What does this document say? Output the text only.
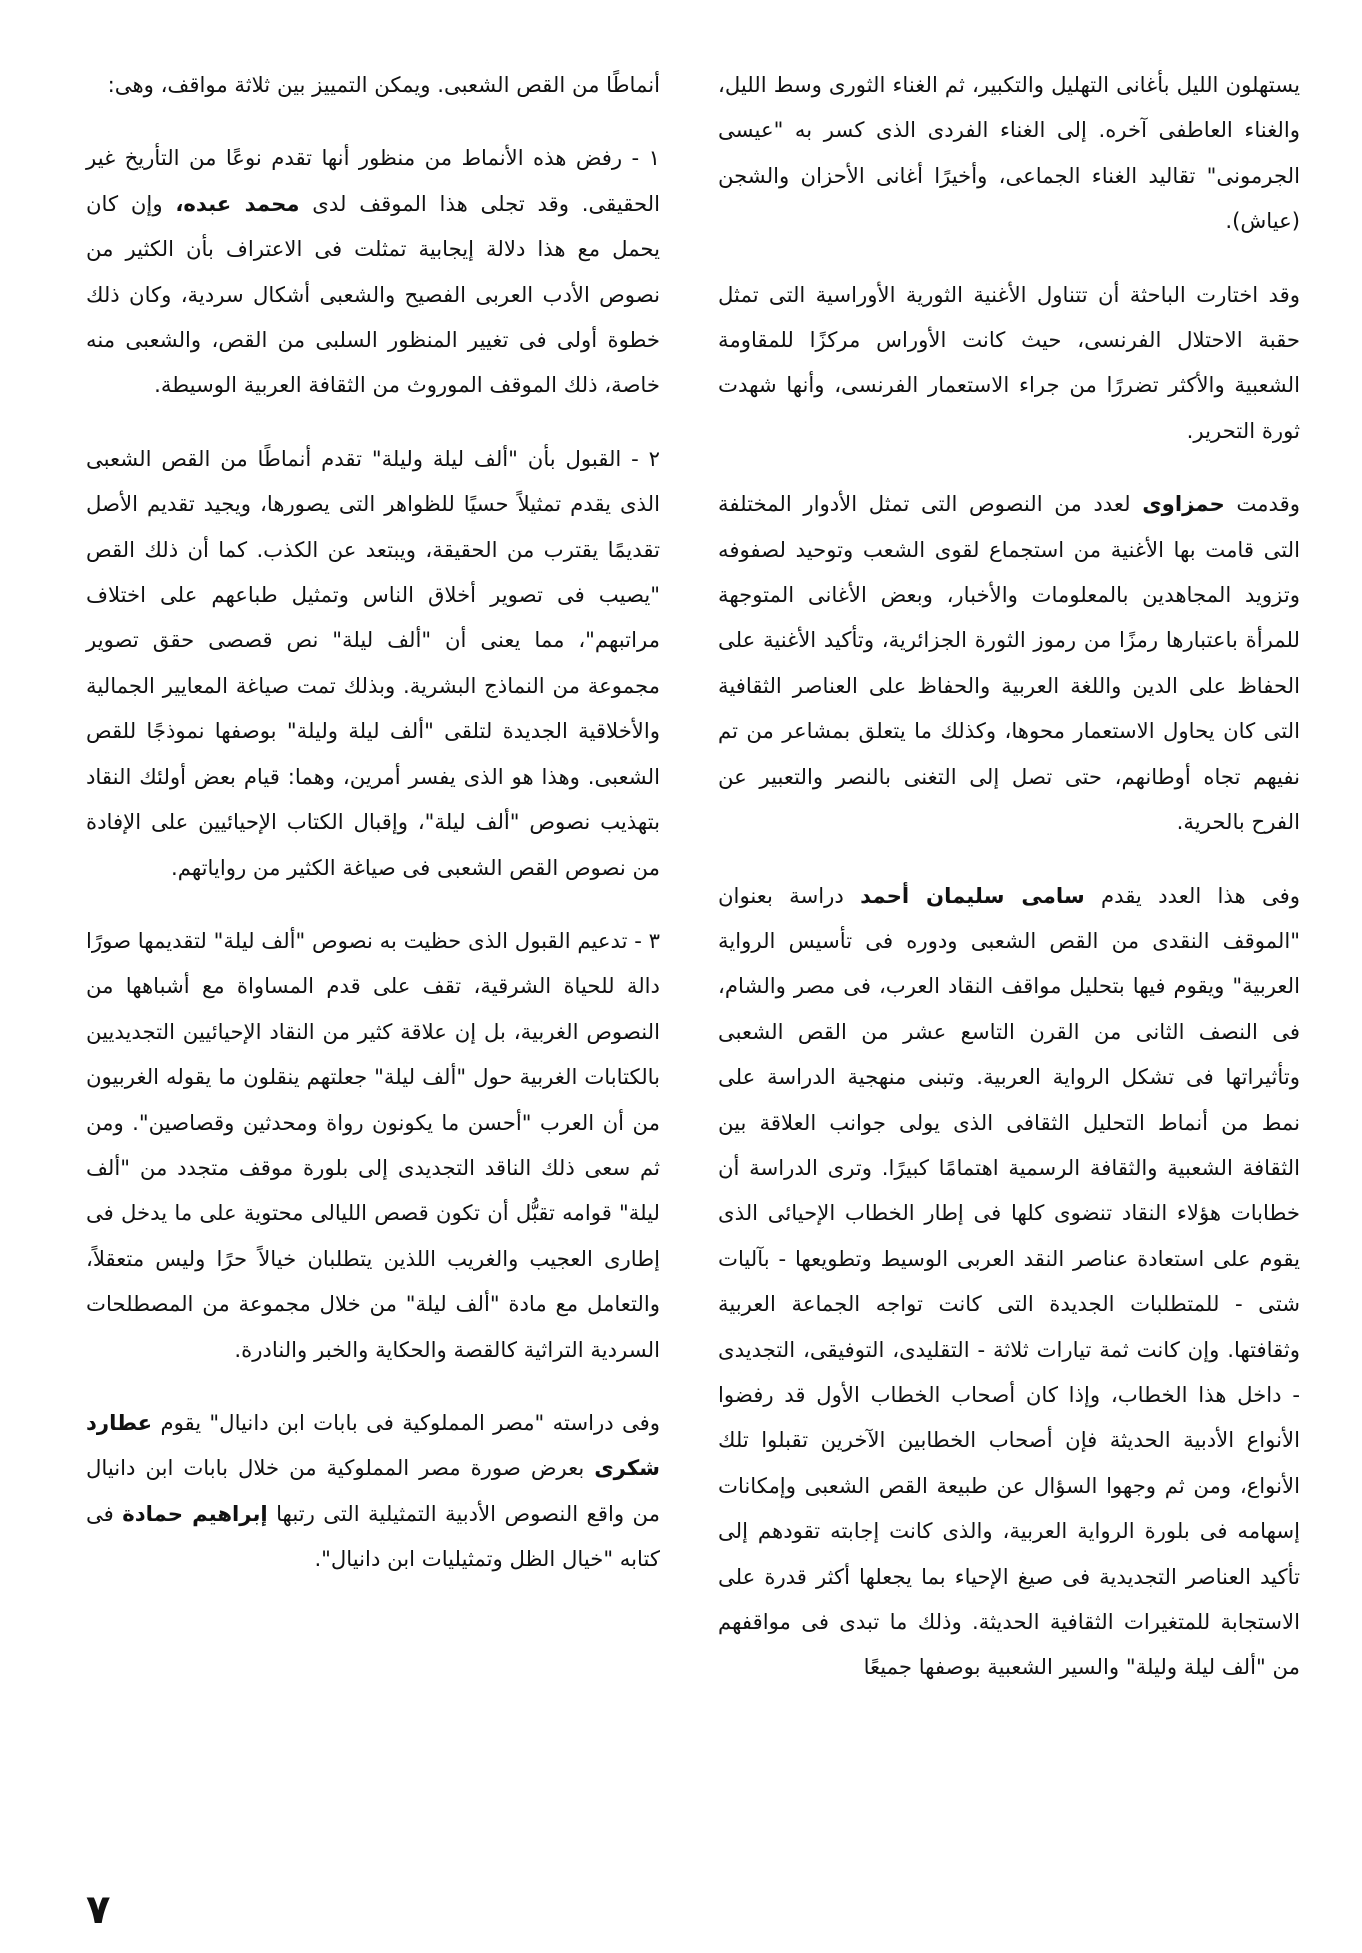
يستهلون الليل بأغانى التهليل والتكبير، ثم الغناء الثورى وسط الليل، والغناء العاطفى آخره. إلى الغناء الفردى الذى كسر به "عيسى الجرمونى" تقاليد الغناء الجماعى، وأخيرًا أغانى الأحزان والشجن (عياش).

وقد اختارت الباحثة أن تتناول الأغنية الثورية الأوراسية التى تمثل حقبة الاحتلال الفرنسى، حيث كانت الأوراس مركزًا للمقاومة الشعبية والأكثر تضررًا من جراء الاستعمار الفرنسى، وأنها شهدت ثورة التحرير.

وقدمت حمزاوى لعدد من النصوص التى تمثل الأدوار المختلفة التى قامت بها الأغنية من استجماع لقوى الشعب وتوحيد لصفوفه وتزويد المجاهدين بالمعلومات والأخبار، وبعض الأغانى المتوجهة للمرأة باعتبارها رمزًا من رموز الثورة الجزائرية، وتأكيد الأغنية على الحفاظ على الدين واللغة العربية والحفاظ على العناصر الثقافية التى كان يحاول الاستعمار محوها، وكذلك ما يتعلق بمشاعر من تم نفيهم تجاه أوطانهم، حتى تصل إلى التغنى بالنصر والتعبير عن الفرح بالحرية.

وفى هذا العدد يقدم سامى سليمان أحمد دراسة بعنوان "الموقف النقدى من القص الشعبى ودوره فى تأسيس الرواية العربية" ويقوم فيها بتحليل مواقف النقاد العرب، فى مصر والشام، فى النصف الثانى من القرن التاسع عشر من القص الشعبى وتأثيراتها فى تشكل الرواية العربية. وتبنى منهجية الدراسة على نمط من أنماط التحليل الثقافى الذى يولى جوانب العلاقة بين الثقافة الشعبية والثقافة الرسمية اهتمامًا كبيرًا. وترى الدراسة أن خطابات هؤلاء النقاد تنضوى كلها فى إطار الخطاب الإحيائى الذى يقوم على استعادة عناصر النقد العربى الوسيط وتطويعها - بآليات شتى - للمتطلبات الجديدة التى كانت تواجه الجماعة العربية وثقافتها. وإن كانت ثمة تيارات ثلاثة - التقليدى، التوفيقى، التجديدى - داخل هذا الخطاب، وإذا كان أصحاب الخطاب الأول قد رفضوا الأنواع الأدبية الحديثة فإن أصحاب الخطابين الآخرين تقبلوا تلك الأنواع، ومن ثم وجهوا السؤال عن طبيعة القص الشعبى وإمكانات إسهامه فى بلورة الرواية العربية، والذى كانت إجابته تقودهم إلى تأكيد العناصر التجديدية فى صيغ الإحياء بما يجعلها أكثر قدرة على الاستجابة للمتغيرات الثقافية الحديثة. وذلك ما تبدى فى مواقفهم من "ألف ليلة وليلة" والسير الشعبية بوصفها جميعًا

أنماطًا من القص الشعبى. ويمكن التمييز بين ثلاثة مواقف، وهى:

١ - رفض هذه الأنماط من منظور أنها تقدم نوعًا من التأريخ غير الحقيقى. وقد تجلى هذا الموقف لدى محمد عبده، وإن كان يحمل مع هذا دلالة إيجابية تمثلت فى الاعتراف بأن الكثير من نصوص الأدب العربى الفصيح والشعبى أشكال سردية، وكان ذلك خطوة أولى فى تغيير المنظور السلبى من القص، والشعبى منه خاصة، ذلك الموقف الموروث من الثقافة العربية الوسيطة.

٢ - القبول بأن "ألف ليلة وليلة" تقدم أنماطًا من القص الشعبى الذى يقدم تمثيلاً حسيًا للظواهر التى يصورها، ويجيد تقديم الأصل تقديمًا يقترب من الحقيقة، ويبتعد عن الكذب. كما أن ذلك القص "يصيب فى تصوير أخلاق الناس وتمثيل طباعهم على اختلاف مراتبهم"، مما يعنى أن "ألف ليلة" نص قصصى حقق تصوير مجموعة من النماذج البشرية. وبذلك تمت صياغة المعايير الجمالية والأخلاقية الجديدة لتلقى "ألف ليلة وليلة" بوصفها نموذجًا للقص الشعبى. وهذا هو الذى يفسر أمرين، وهما: قيام بعض أولئك النقاد بتهذيب نصوص "ألف ليلة"، وإقبال الكتاب الإحيائيين على الإفادة من نصوص القص الشعبى فى صياغة الكثير من رواياتهم.

٣ - تدعيم القبول الذى حظيت به نصوص "ألف ليلة" لتقديمها صورًا دالة للحياة الشرقية، تقف على قدم المساواة مع أشباهها من النصوص الغربية، بل إن علاقة كثير من النقاد الإحيائيين التجديديين بالكتابات الغربية حول "ألف ليلة" جعلتهم ينقلون ما يقوله الغربيون من أن العرب "أحسن ما يكونون رواة ومحدثين وقصاصين". ومن ثم سعى ذلك الناقد التجديدى إلى بلورة موقف متجدد من "ألف ليلة" قوامه تقبُّل أن تكون قصص الليالى محتوية على ما يدخل فى إطارى العجيب والغريب اللذين يتطلبان خيالاً حرًا وليس متعقلاً، والتعامل مع مادة "ألف ليلة" من خلال مجموعة من المصطلحات السردية التراثية كالقصة والحكاية والخبر والنادرة.

وفى دراسته "مصر المملوكية فى بابات ابن دانيال" يقوم عطارد شكرى بعرض صورة مصر المملوكية من خلال بابات ابن دانيال من واقع النصوص الأدبية التمثيلية التى رتبها إبراهيم حمادة فى كتابه "خيال الظل وتمثيليات ابن دانيال".

٧
